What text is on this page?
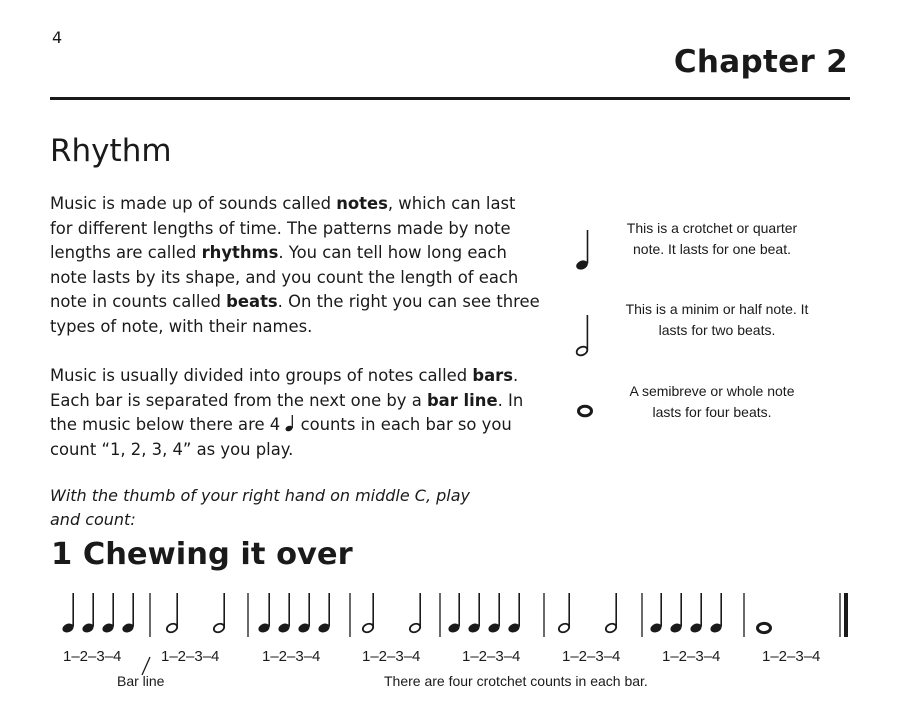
4
Chapter 2
Rhythm
Music is made up of sounds called notes, which can last for different lengths of time. The patterns made by note lengths are called rhythms. You can tell how long each note lasts by its shape, and you count the length of each note in counts called beats. On the right you can see three types of note, with their names.
Music is usually divided into groups of notes called bars. Each bar is separated from the next one by a bar line. In the music below there are 4  counts in each bar so you count “1, 2, 3, 4” as you play.
With the thumb of your right hand on middle C, play and count:
This is a crotchet or quarter note. It lasts for one beat.
This is a minim or half note. It lasts for two beats.
A semibreve or whole note lasts for four beats.
1 Chewing it over
1–2–3–4	1–2–3–4	1–2–3–4	1–2–3–4	1–2–3–4	1–2–3–4	1–2–3–4	1–2–3–4
Bar line	There are four crotchet counts in each bar.
